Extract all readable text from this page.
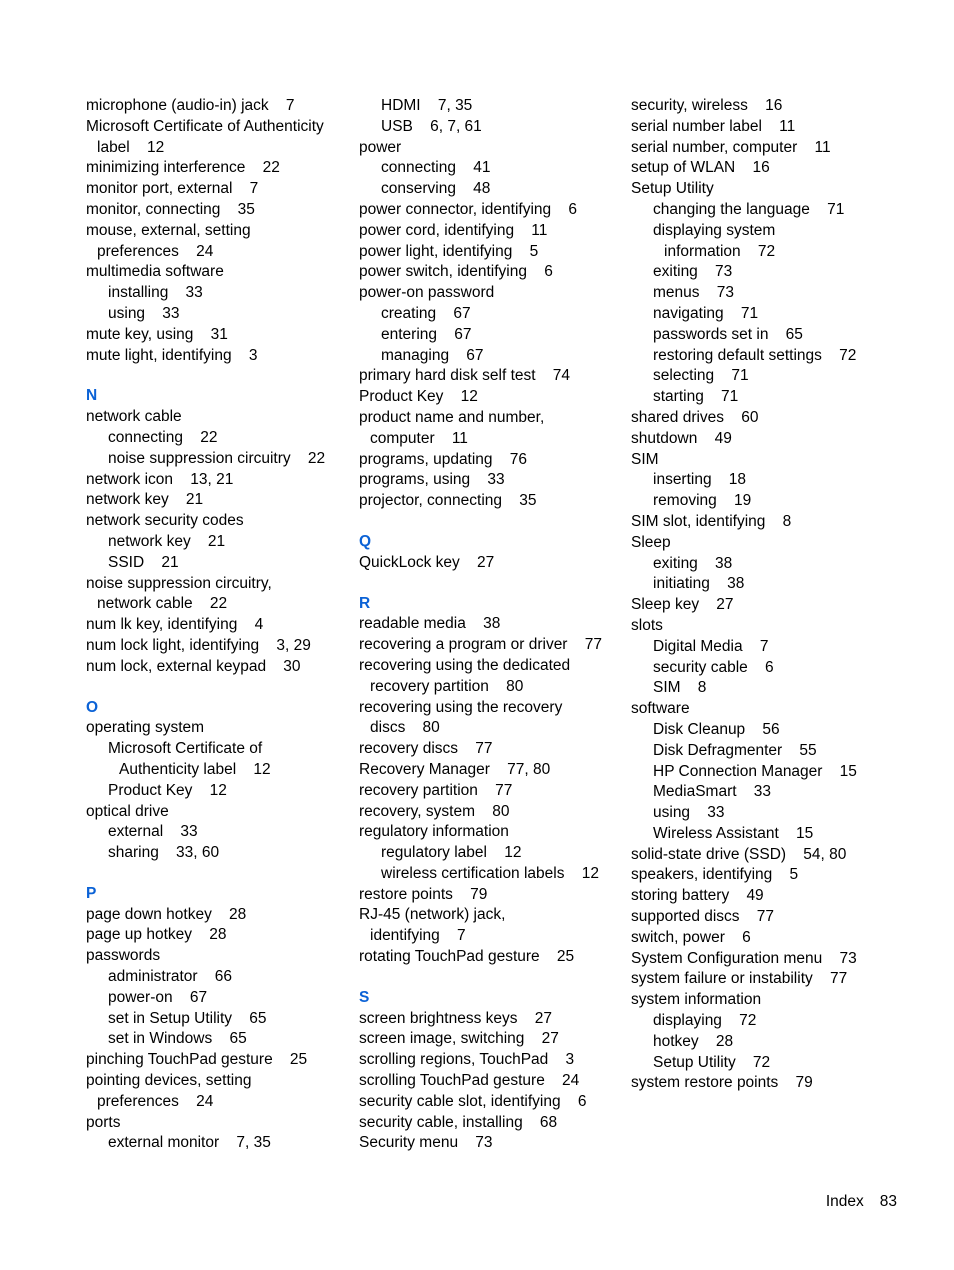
microphone (audio-in) jack    7
Microsoft Certificate of Authenticity
label    12
minimizing interference    22
monitor port, external    7
monitor, connecting    35
mouse, external, setting
preferences    24
multimedia software
installing    33
using    33
mute key, using    31
mute light, identifying    3
N
network cable
connecting    22
noise suppression circuitry    22
network icon    13, 21
network key    21
network security codes
network key    21
SSID    21
noise suppression circuitry,
network cable    22
num lk key, identifying    4
num lock light, identifying    3, 29
num lock, external keypad    30
O
operating system
Microsoft Certificate of
Authenticity label    12
Product Key    12
optical drive
external    33
sharing    33, 60
P
page down hotkey    28
page up hotkey    28
passwords
administrator    66
power-on    67
set in Setup Utility    65
set in Windows    65
pinching TouchPad gesture    25
pointing devices, setting
preferences    24
ports
external monitor    7, 35
HDMI    7, 35
USB    6, 7, 61
power
connecting    41
conserving    48
power connector, identifying    6
power cord, identifying    11
power light, identifying    5
power switch, identifying    6
power-on password
creating    67
entering    67
managing    67
primary hard disk self test    74
Product Key    12
product name and number,
computer    11
programs, updating    76
programs, using    33
projector, connecting    35
Q
QuickLock key    27
R
readable media    38
recovering a program or driver    77
recovering using the dedicated
recovery partition    80
recovering using the recovery
discs    80
recovery discs    77
Recovery Manager    77, 80
recovery partition    77
recovery, system    80
regulatory information
regulatory label    12
wireless certification labels    12
restore points    79
RJ-45 (network) jack,
identifying    7
rotating TouchPad gesture    25
S
screen brightness keys    27
screen image, switching    27
scrolling regions, TouchPad    3
scrolling TouchPad gesture    24
security cable slot, identifying    6
security cable, installing    68
Security menu    73
security, wireless    16
serial number label    11
serial number, computer    11
setup of WLAN    16
Setup Utility
changing the language    71
displaying system
information    72
exiting    73
menus    73
navigating    71
passwords set in    65
restoring default settings    72
selecting    71
starting    71
shared drives    60
shutdown    49
SIM
inserting    18
removing    19
SIM slot, identifying    8
Sleep
exiting    38
initiating    38
Sleep key    27
slots
Digital Media    7
security cable    6
SIM    8
software
Disk Cleanup    56
Disk Defragmenter    55
HP Connection Manager    15
MediaSmart    33
using    33
Wireless Assistant    15
solid-state drive (SSD)    54, 80
speakers, identifying    5
storing battery    49
supported discs    77
switch, power    6
System Configuration menu    73
system failure or instability    77
system information
displaying    72
hotkey    28
Setup Utility    72
system restore points    79
Index 83
